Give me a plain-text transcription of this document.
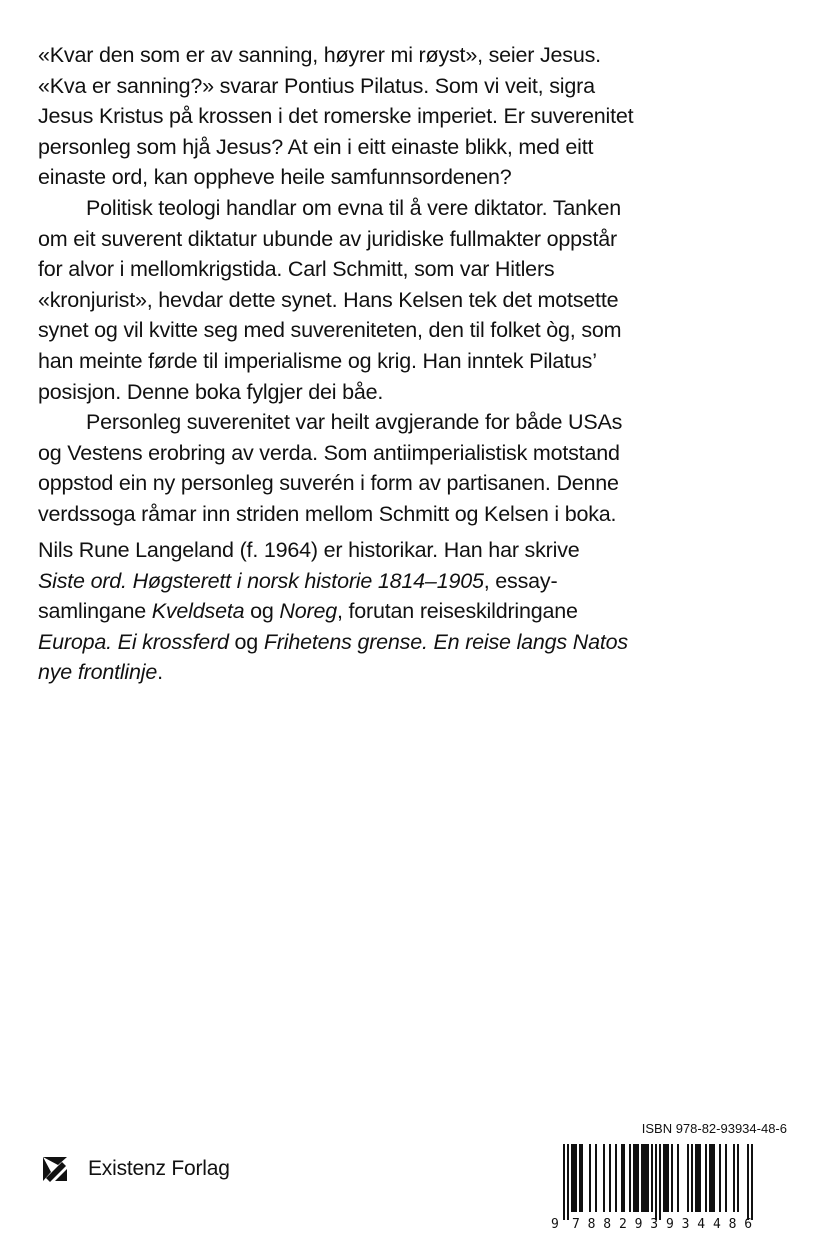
«Kvar den som er av sanning, høyrer mi røyst», seier Jesus.
«Kva er sanning?» svarar Pontius Pilatus. Som vi veit, sigra
Jesus Kristus på krossen i det romerske imperiet. Er suverenitet
personleg som hjå Jesus? At ein i eitt einaste blikk, med eitt
einaste ord, kan oppheve heile samfunnsordenen?

Politisk teologi handlar om evna til å vere diktator. Tanken
om eit suverent diktatur ubunde av juridiske fullmakter oppstår
for alvor i mellomkrigstida. Carl Schmitt, som var Hitlers
«kronjurist», hevdar dette synet. Hans Kelsen tek det motsette
synet og vil kvitte seg med suvereniteten, den til folket òg, som
han meinte førde til imperialisme og krig. Han inntek Pilatus’
posisjon. Denne boka fylgjer dei båe.

Personleg suverenitet var heilt avgjerande for både USAs
og Vestens erobring av verda. Som antiimperialistisk motstand
oppstod ein ny personleg suverén i form av partisanen. Denne
verdssoga råmar inn striden mellom Schmitt og Kelsen i boka.

Nils Rune Langeland (f. 1964) er historikar. Han har skrive
Siste ord. Høgsterett i norsk historie 1814–1905, essay-
samlingane Kveldseta og Noreg, forutan reiseskildringane
Europa. Ei krossferd og Frihetens grense. En reise langs Natos
nye frontlinje.

Existenz Forlag
ISBN 978-82-93934-48-6
9 7 8 8 2 9 3 9 3 4 4 8 6
